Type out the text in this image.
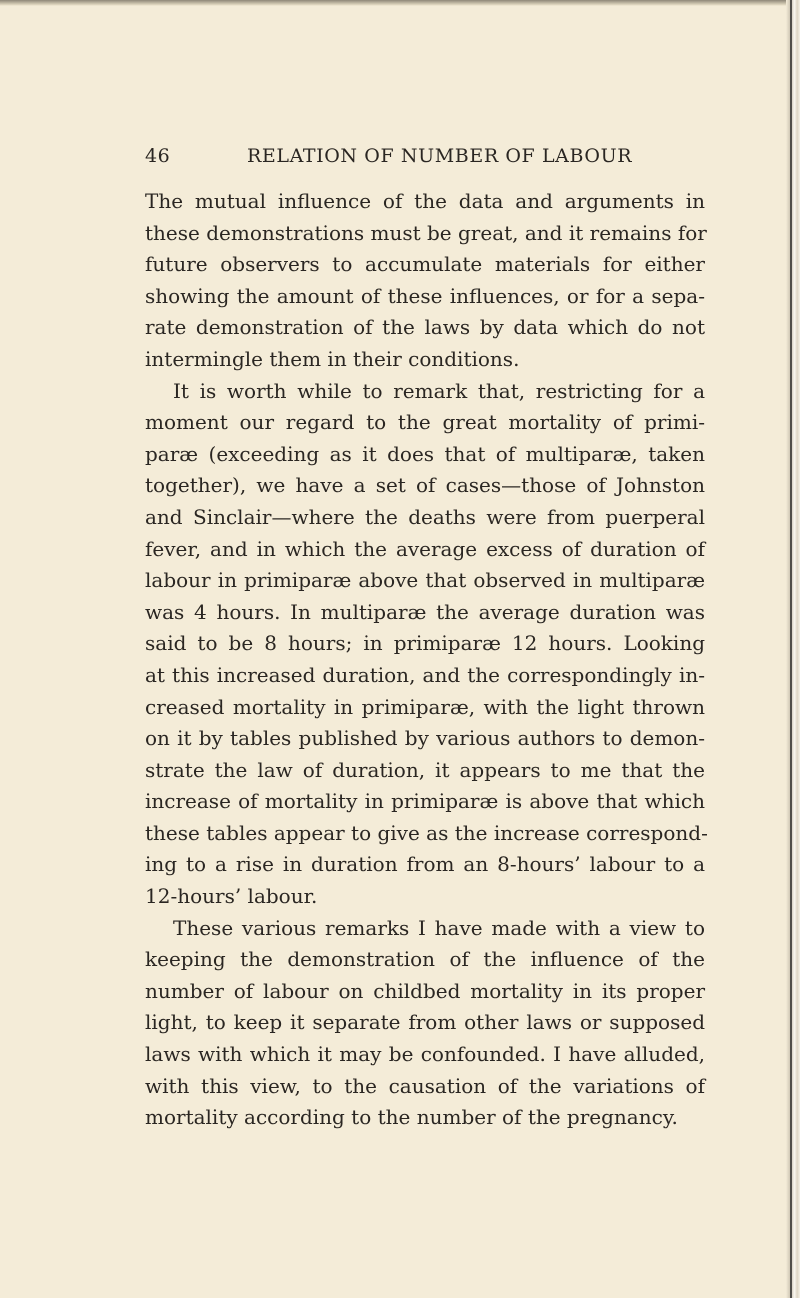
46	RELATION OF NUMBER OF LABOUR
The mutual influence of the data and arguments in
these demonstrations must be great, and it remains for
future observers to accumulate materials for either
showing the amount of these influences, or for a sepa-
rate demonstration of the laws by data which do not
intermingle them in their conditions.
It is worth while to remark that, restricting for a
moment our regard to the great mortality of primi-
paræ (exceeding as it does that of multiparæ, taken
together), we have a set of cases—those of Johnston
and Sinclair—where the deaths were from puerperal
fever, and in which the average excess of duration of
labour in primiparæ above that observed in multiparæ
was 4 hours. In multiparæ the average duration was
said to be 8 hours; in primiparæ 12 hours. Looking
at this increased duration, and the correspondingly in-
creased mortality in primiparæ, with the light thrown
on it by tables published by various authors to demon-
strate the law of duration, it appears to me that the
increase of mortality in primiparæ is above that which
these tables appear to give as the increase correspond-
ing to a rise in duration from an 8-hours’ labour to a
12-hours’ labour.
These various remarks I have made with a view to
keeping the demonstration of the influence of the
number of labour on childbed mortality in its proper
light, to keep it separate from other laws or supposed
laws with which it may be confounded. I have alluded,
with this view, to the causation of the variations of
mortality according to the number of the pregnancy.
